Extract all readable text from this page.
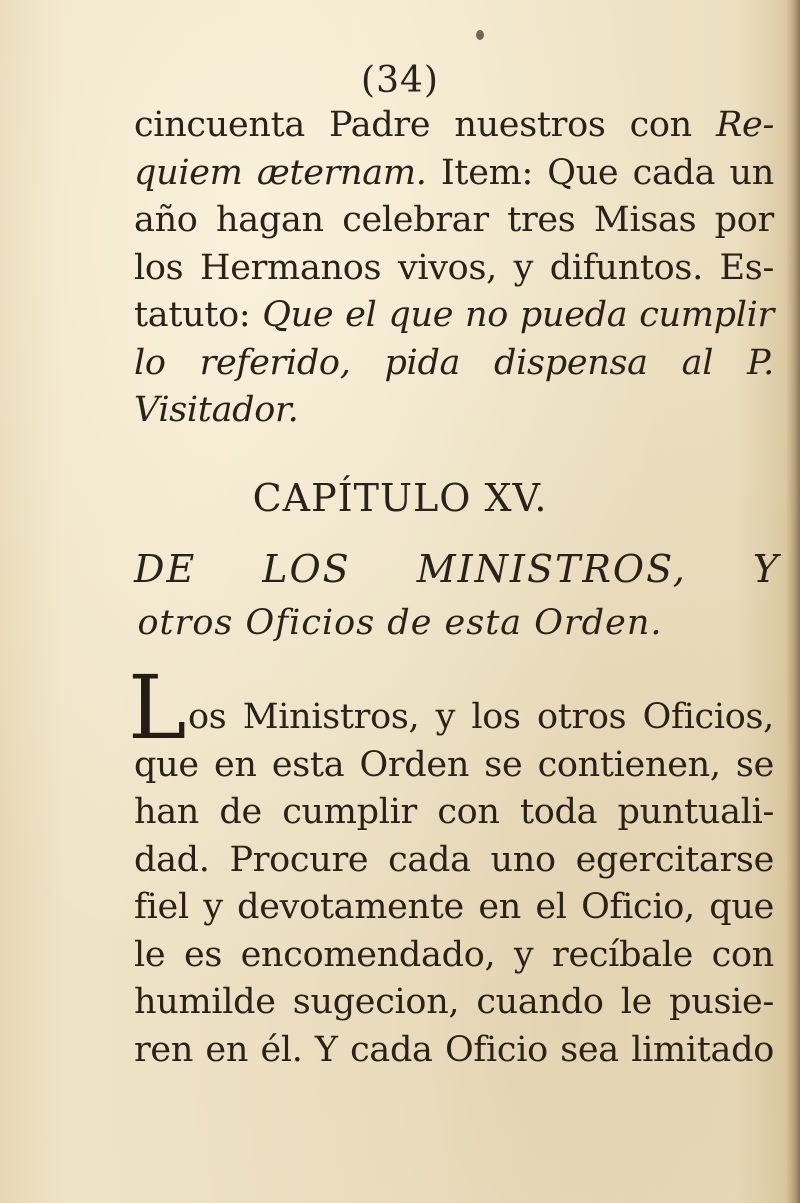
(34)
cincuenta Padre nuestros con Re-
quiem æternam. Item: Que cada un
año hagan celebrar tres Misas por
los Hermanos vivos, y difuntos. Es-
tatuto: Que el que no pueda cumplir
lo referido, pida dispensa al P.
Visitador.
CAPÍTULO XV.
DE LOS MINISTROS, Y
otros Oficios de esta Orden.
L os Ministros, y los otros Oficios,
que en esta Orden se contienen, se
han de cumplir con toda puntuali-
dad. Procure cada uno egercitarse
fiel y devotamente en el Oficio, que
le es encomendado, y recíbale con
humilde sugecion, cuando le pusie-
ren en él. Y cada Oficio sea limitado
